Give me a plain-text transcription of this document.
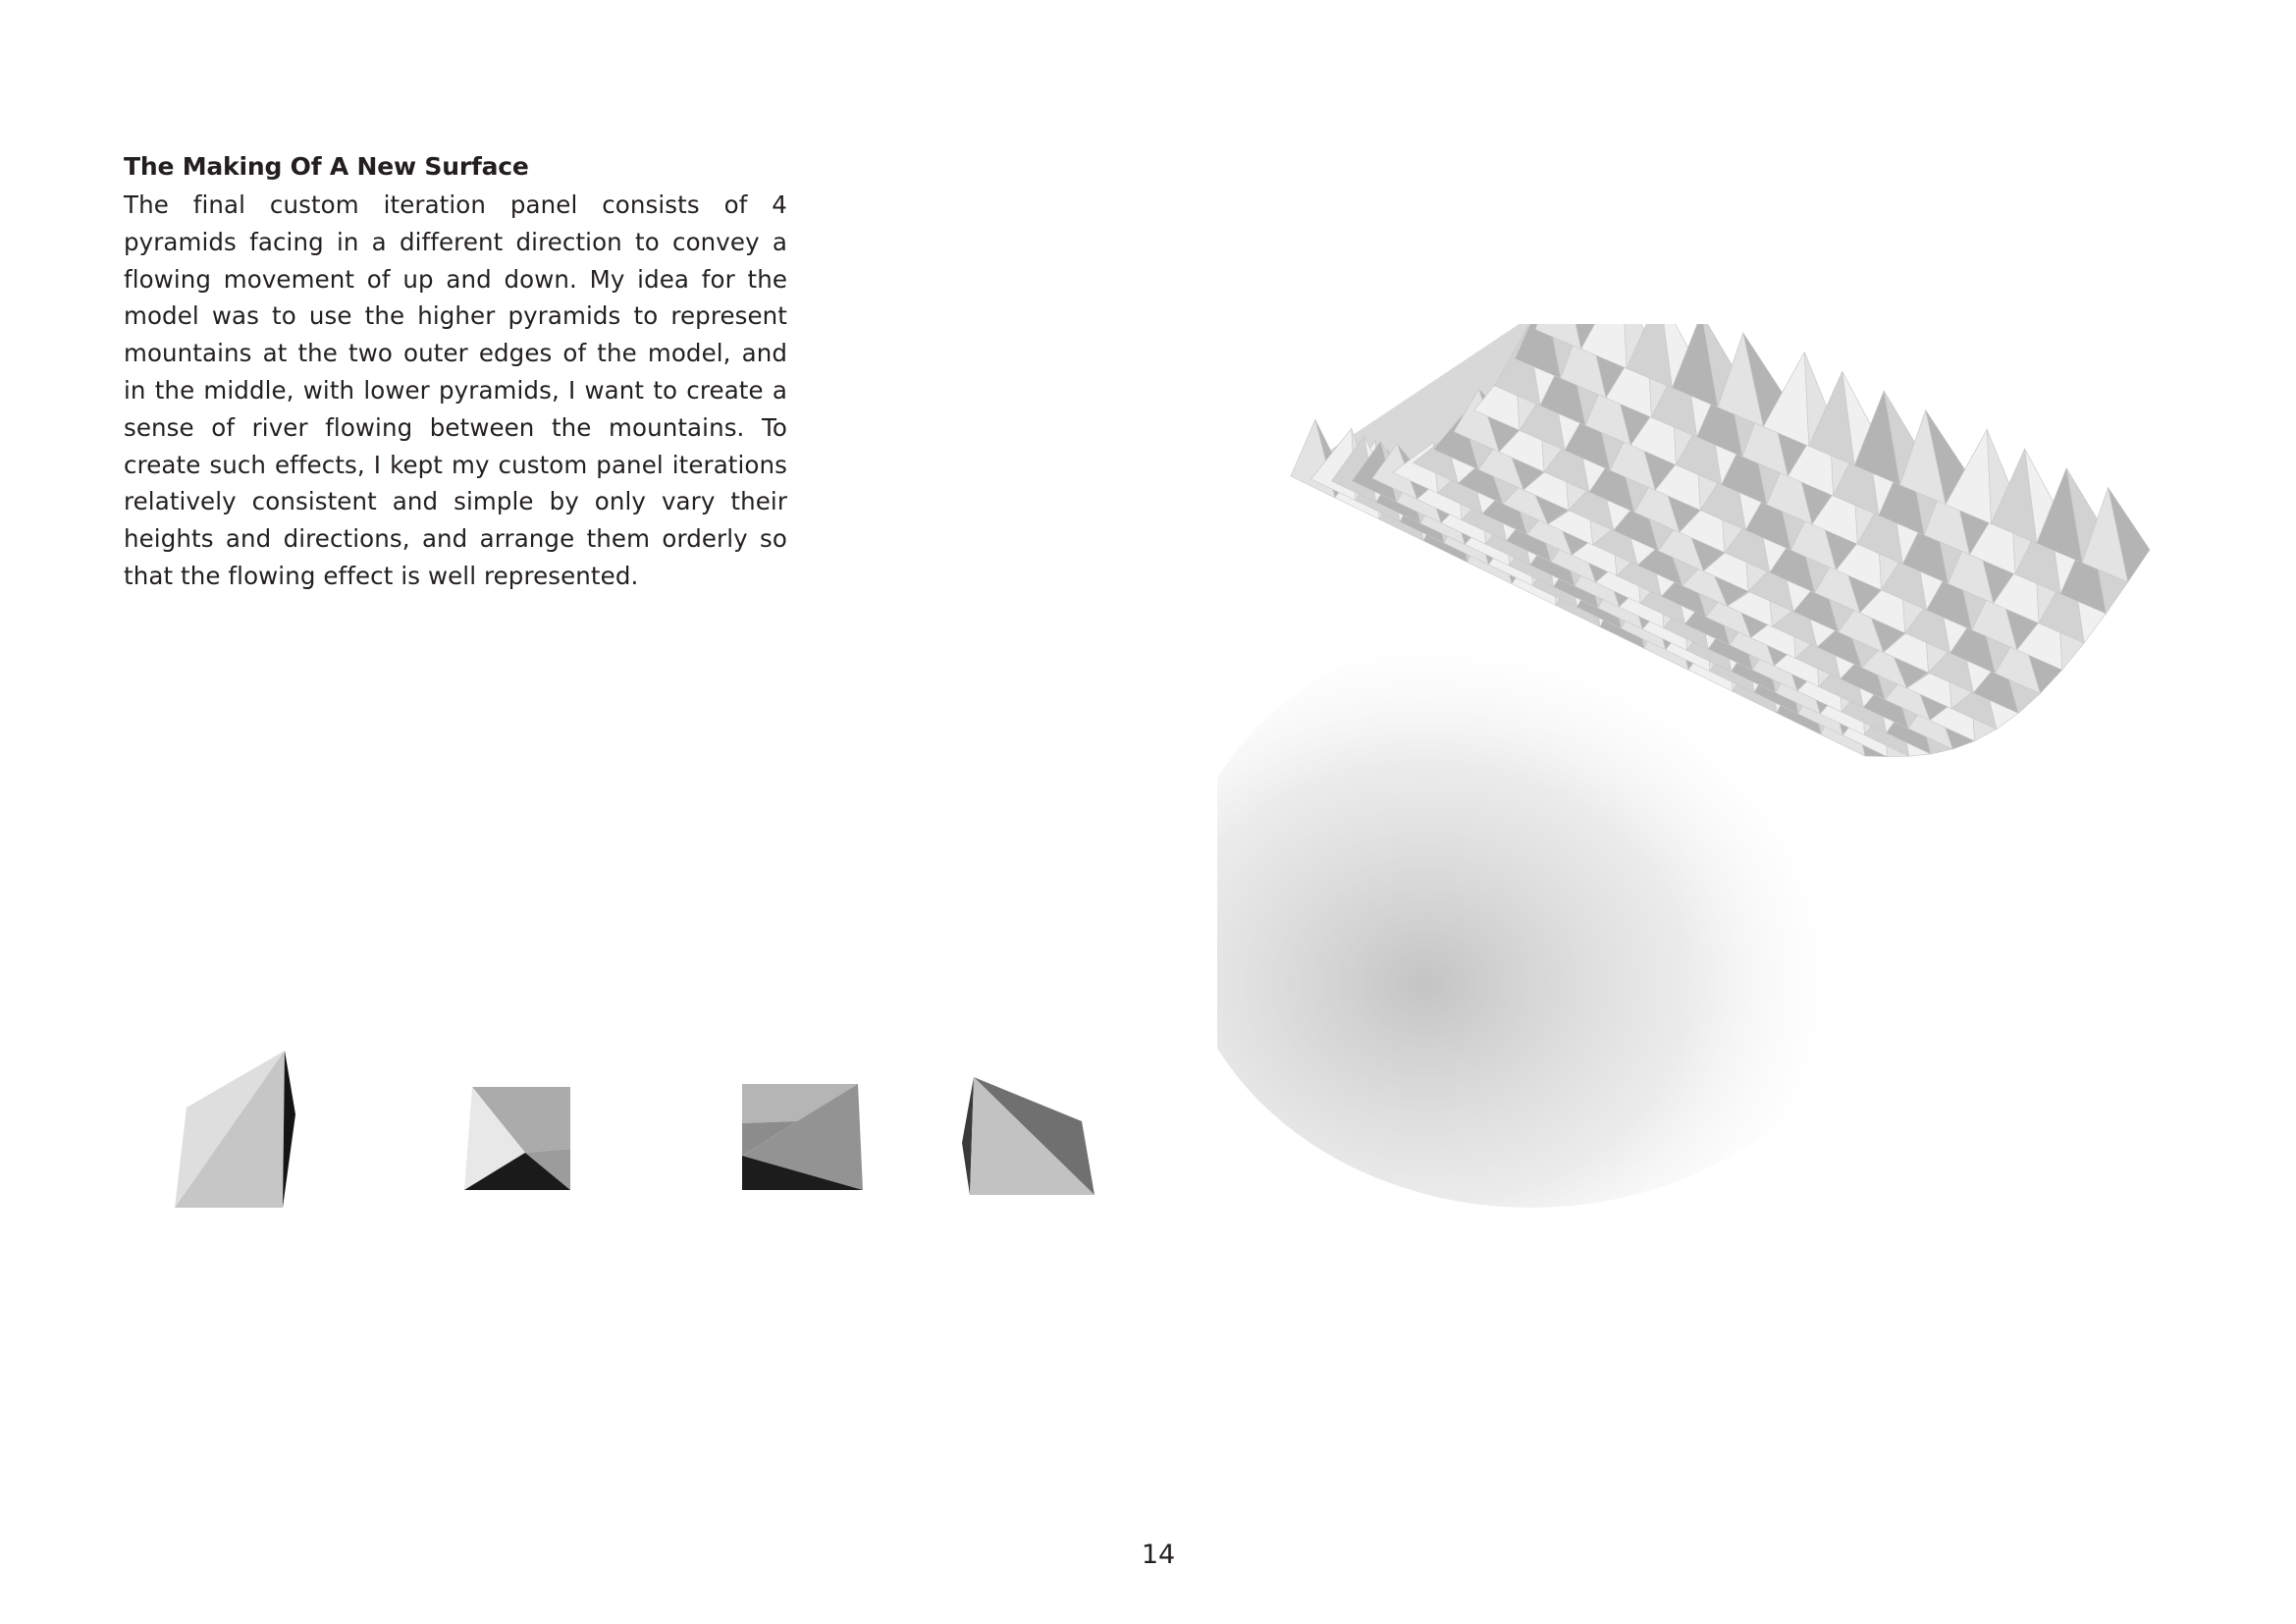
The Making Of A New Surface

The final custom iteration panel consists of 4 pyramids facing in a different direction to convey a flowing movement of up and down. My idea for the model was to use the higher pyramids to represent mountains at the two outer edges of the model, and in the middle, with lower pyramids, I want to create a sense of river flowing between the mountains. To create such effects, I kept my custom panel iterations relatively consistent and simple by only vary their heights and directions, and arrange them orderly so that the flowing effect is well represented.

14
